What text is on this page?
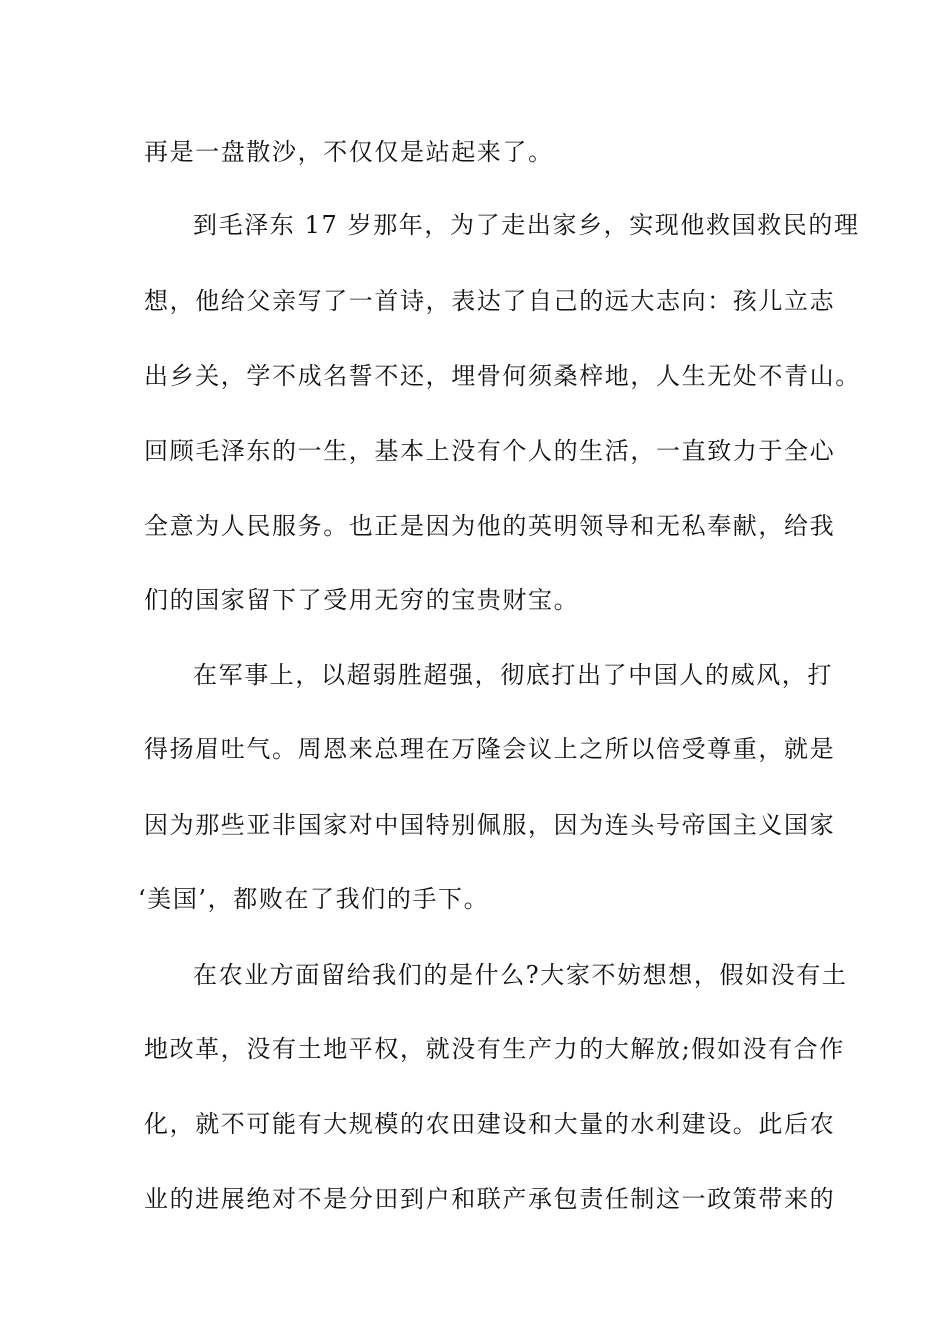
再是一盘散沙，不仅仅是站起来了。
到毛泽东 17 岁那年，为了走出家乡，实现他救国救民的理
想，他给父亲写了一首诗，表达了自己的远大志向：孩儿立志
出乡关，学不成名誓不还，埋骨何须桑梓地，人生无处不青山。
回顾毛泽东的一生，基本上没有个人的生活，一直致力于全心
全意为人民服务。也正是因为他的英明领导和无私奉献，给我
们的国家留下了受用无穷的宝贵财宝。
在军事上，以超弱胜超强，彻底打出了中国人的威风，打
得扬眉吐气。周恩来总理在万隆会议上之所以倍受尊重，就是
因为那些亚非国家对中国特别佩服，因为连头号帝国主义国家
‘美国’，都败在了我们的手下。
在农业方面留给我们的是什么?大家不妨想想，假如没有土
地改革，没有土地平权，就没有生产力的大解放;假如没有合作
化，就不可能有大规模的农田建设和大量的水利建设。此后农
业的进展绝对不是分田到户和联产承包责任制这一政策带来的
